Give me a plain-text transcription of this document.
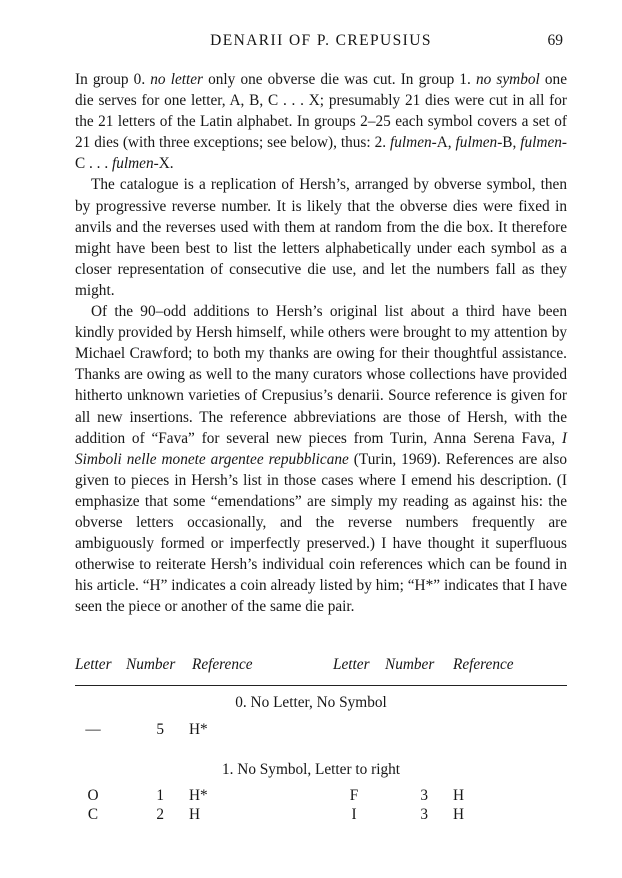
DENARII OF P. CREPUSIUS	69

In group 0. no letter only one obverse die was cut. In group 1. no symbol one die serves for one letter, A, B, C . . . X; presumably 21 dies were cut in all for the 21 letters of the Latin alphabet. In groups 2–25 each symbol covers a set of 21 dies (with three exceptions; see below), thus: 2. fulmen-A, fulmen-B, fulmen-C . . . fulmen-X.

The catalogue is a replication of Hersh’s, arranged by obverse symbol, then by progressive reverse number. It is likely that the obverse dies were fixed in anvils and the reverses used with them at random from the die box. It therefore might have been best to list the letters alphabetically under each symbol as a closer representation of consecutive die use, and let the numbers fall as they might.

Of the 90–odd additions to Hersh’s original list about a third have been kindly provided by Hersh himself, while others were brought to my attention by Michael Crawford; to both my thanks are owing for their thoughtful assistance. Thanks are owing as well to the many curators whose collections have provided hitherto unknown varieties of Crepusius’s denarii. Source reference is given for all new insertions. The reference abbreviations are those of Hersh, with the addition of “Fava” for several new pieces from Turin, Anna Serena Fava, I Simboli nelle monete argentee repubblicane (Turin, 1969). References are also given to pieces in Hersh’s list in those cases where I emend his description. (I emphasize that some “emendations” are simply my reading as against his: the obverse letters occasionally, and the reverse numbers frequently are ambiguously formed or imperfectly preserved.) I have thought it superfluous otherwise to reiterate Hersh’s individual coin references which can be found in his article. “H” indicates a coin already listed by him; “H*” indicates that I have seen the piece or another of the same die pair.

Letter Number Reference	Letter Number Reference
0. No Letter, No Symbol
—	5 H*
1. No Symbol, Letter to right
O	1 H*	F	3 H
C	2 H	I	3 H
